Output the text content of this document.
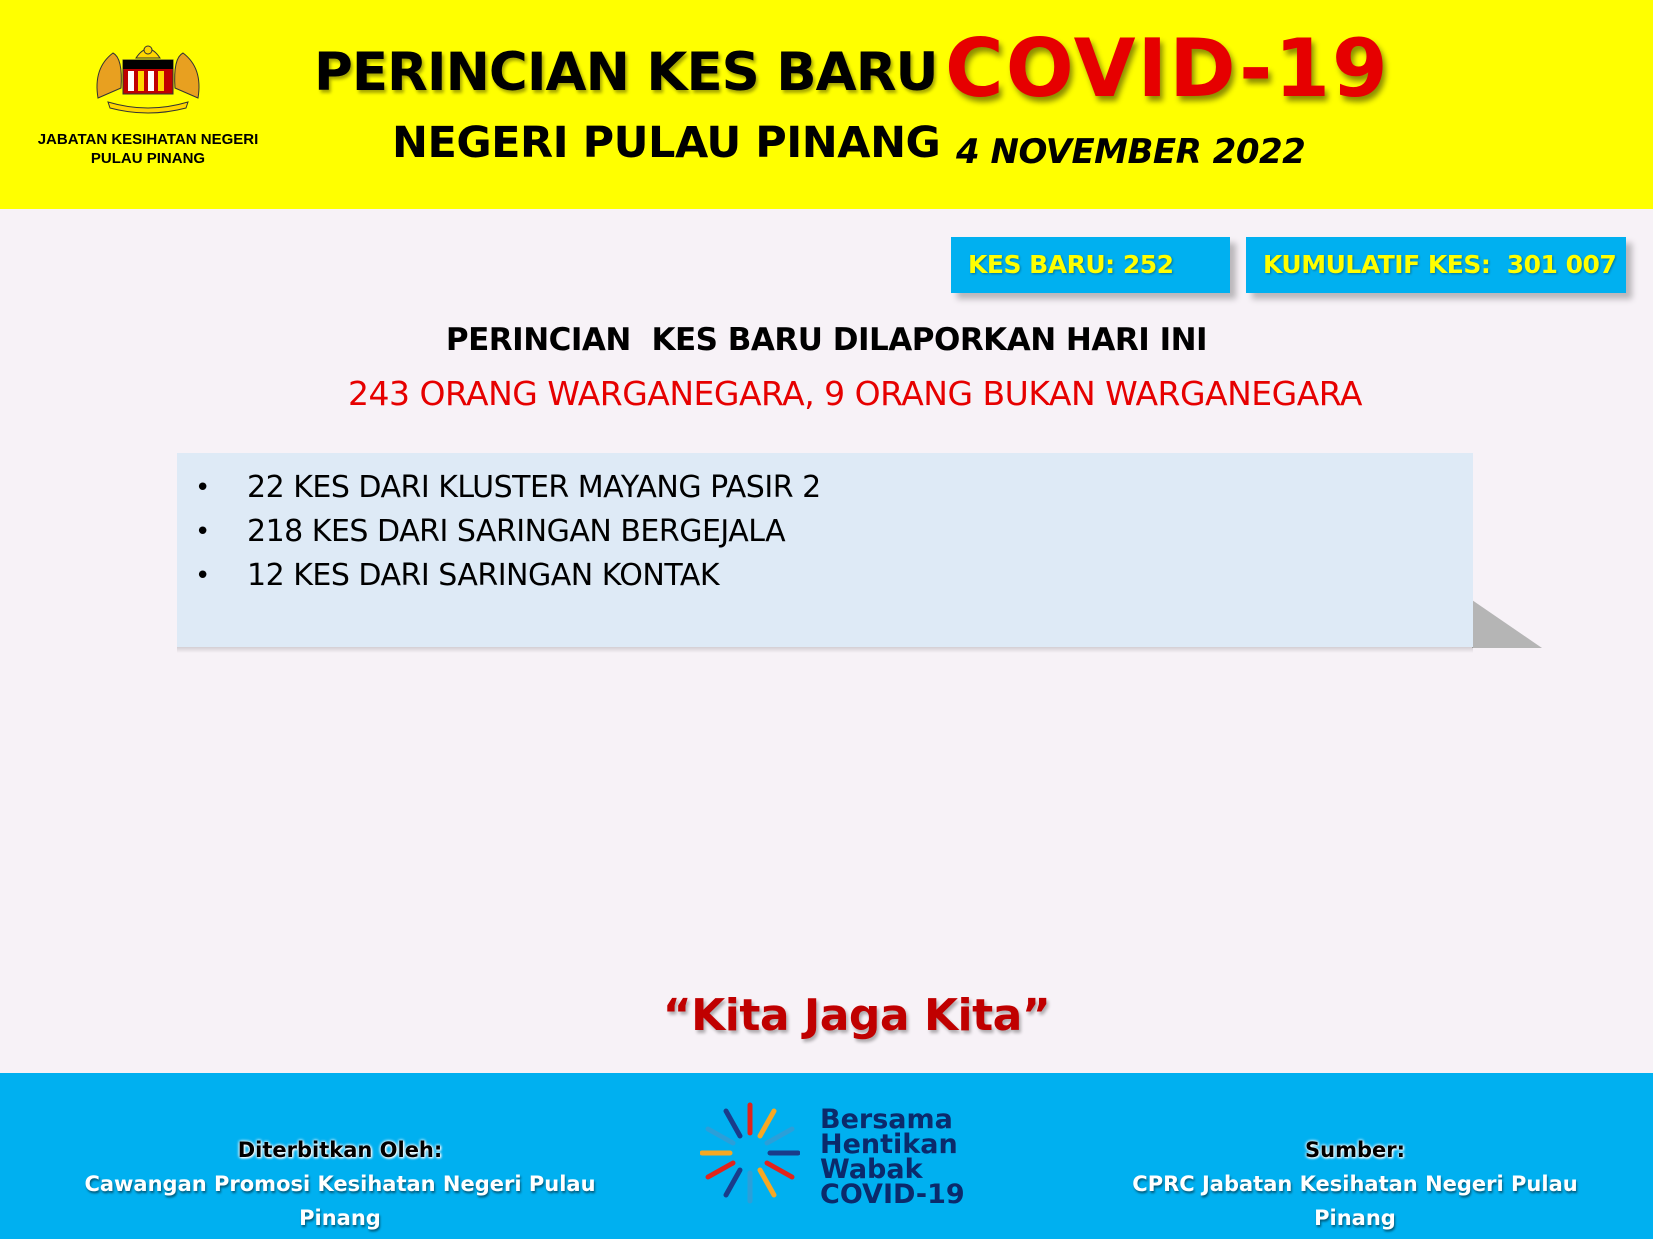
JABATAN KESIHATAN NEGERI
PULAU PINANG
PERINCIAN KES BARU COVID-19
NEGERI PULAU PINANG 4 NOVEMBER 2022
KES BARU: 252	KUMULATIF KES:  301 007
PERINCIAN  KES BARU DILAPORKAN HARI INI
243 ORANG WARGANEGARA, 9 ORANG BUKAN WARGANEGARA
• 22 KES DARI KLUSTER MAYANG PASIR 2
• 218 KES DARI SARINGAN BERGEJALA
• 12 KES DARI SARINGAN KONTAK
“Kita Jaga Kita”
Diterbitkan Oleh:
Cawangan Promosi Kesihatan Negeri Pulau Pinang
Bersama
Hentikan
Wabak
COVID-19
Sumber:
CPRC Jabatan Kesihatan Negeri Pulau Pinang
